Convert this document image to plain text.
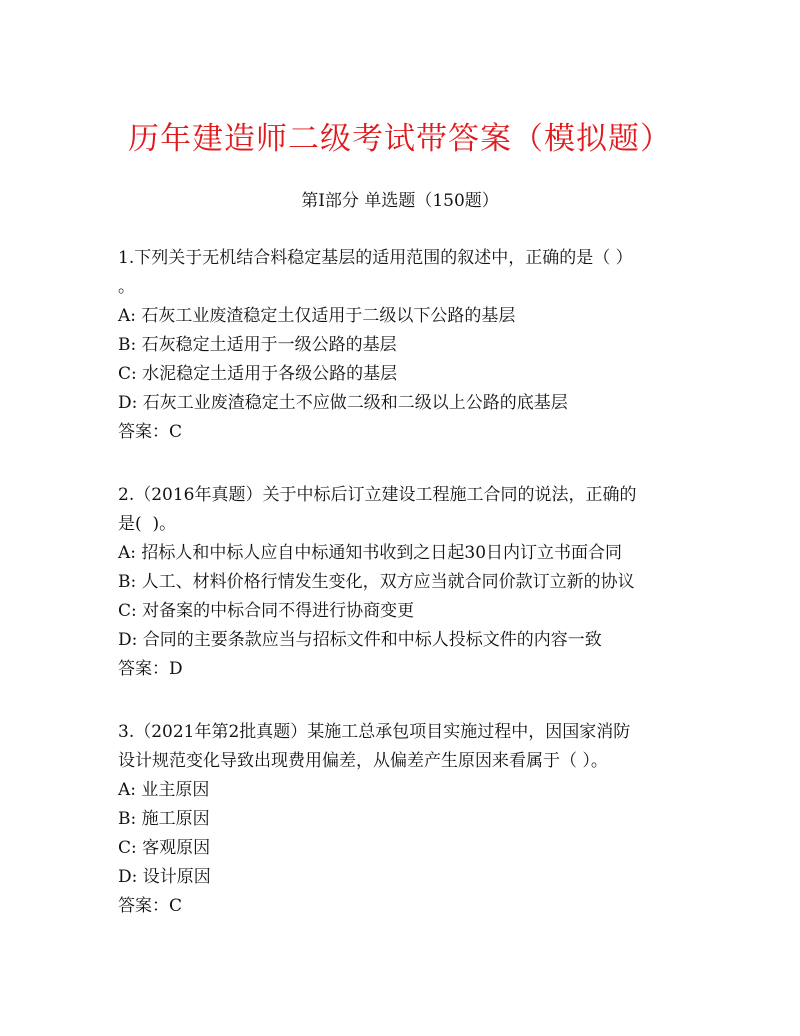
历年建造师二级考试带答案（模拟题）
第Ⅰ部分 单选题（150题）
1.下列关于无机结合料稳定基层的适用范围的叙述中，正确的是（ ）
。
A: 石灰工业废渣稳定土仅适用于二级以下公路的基层
B: 石灰稳定土适用于一级公路的基层
C: 水泥稳定土适用于各级公路的基层
D: 石灰工业废渣稳定土不应做二级和二级以上公路的底基层
答案：C
2.（2016年真题）关于中标后订立建设工程施工合同的说法，正确的
是(  )。
A: 招标人和中标人应自中标通知书收到之日起30日内订立书面合同
B: 人工、材料价格行情发生变化，双方应当就合同价款订立新的协议
C: 对备案的中标合同不得进行协商变更
D: 合同的主要条款应当与招标文件和中标人投标文件的内容一致
答案：D
3.（2021年第2批真题）某施工总承包项目实施过程中，因国家消防
设计规范变化导致出现费用偏差，从偏差产生原因来看属于（ ）。
A: 业主原因
B: 施工原因
C: 客观原因
D: 设计原因
答案：C
